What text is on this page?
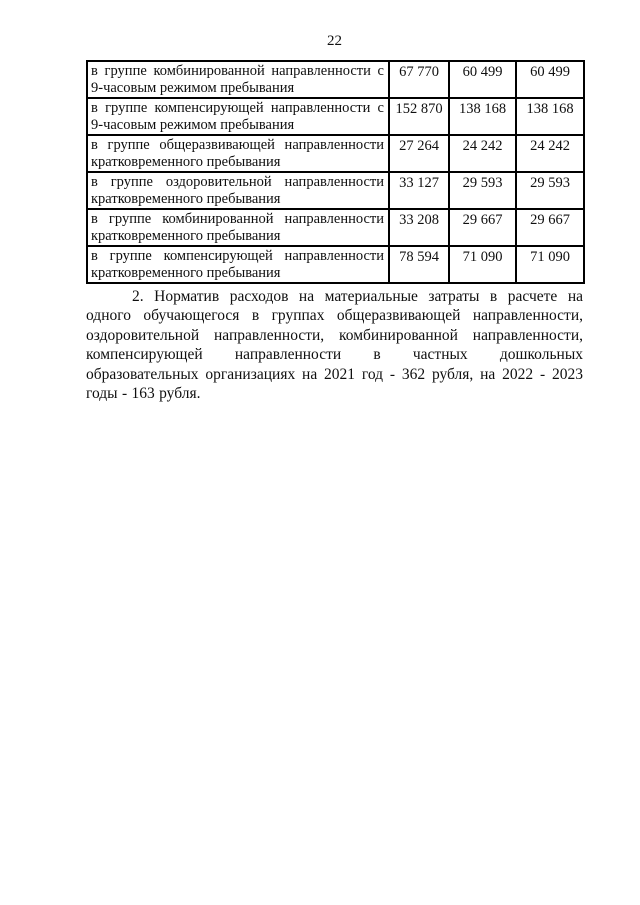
22
в группе комбинированной направленности с 9-часовым режимом пребывания	67 770	60 499	60 499
в группе компенсирующей направленности с 9-часовым режимом пребывания	152 870	138 168	138 168
в группе общеразвивающей направленности кратковременного пребывания	27 264	24 242	24 242
в группе оздоровительной направленности кратковременного пребывания	33 127	29 593	29 593
в группе комбинированной направленности кратковременного пребывания	33 208	29 667	29 667
в группе компенсирующей направленности кратковременного пребывания	78 594	71 090	71 090

2. Норматив расходов на материальные затраты в расчете на одного обучающегося в группах общеразвивающей направленности, оздоровительной направленности, комбинированной направленности, компенсирующей направленности в частных дошкольных образовательных организациях на 2021 год - 362 рубля, на 2022 - 2023 годы - 163 рубля.
